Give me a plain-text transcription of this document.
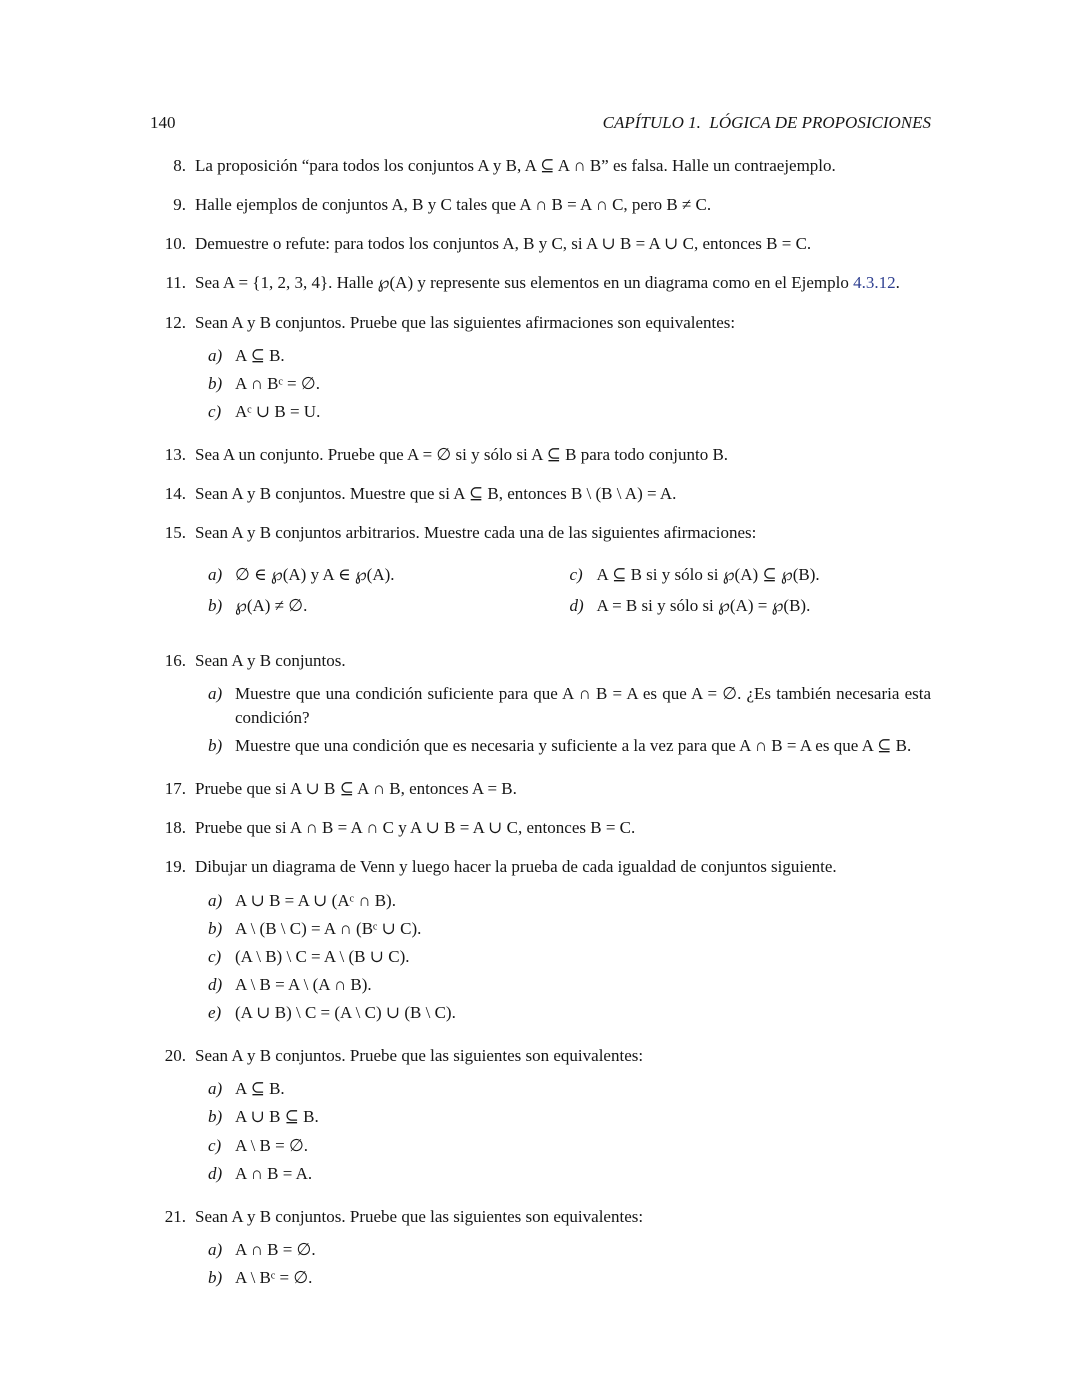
140	CAPÍTULO 1.  LÓGICA DE PROPOSICIONES
8. La proposición “para todos los conjuntos A y B, A ⊆ A ∩ B” es falsa. Halle un contraejemplo.
9. Halle ejemplos de conjuntos A, B y C tales que A ∩ B = A ∩ C, pero B ≠ C.
10. Demuestre o refute: para todos los conjuntos A, B y C, si A ∪ B = A ∪ C, entonces B = C.
11. Sea A = {1, 2, 3, 4}. Halle ℘(A) y represente sus elementos en un diagrama como en el Ejemplo 4.3.12.
12. Sean A y B conjuntos. Pruebe que las siguientes afirmaciones son equivalentes:
a) A ⊆ B.
b) A ∩ Bᶜ = ∅.
c) Aᶜ ∪ B = U.
13. Sea A un conjunto. Pruebe que A = ∅ si y sólo si A ⊆ B para todo conjunto B.
14. Sean A y B conjuntos. Muestre que si A ⊆ B, entonces B \ (B \ A) = A.
15. Sean A y B conjuntos arbitrarios. Muestre cada una de las siguientes afirmaciones:
a) ∅ ∈ ℘(A) y A ∈ ℘(A).
b) ℘(A) ≠ ∅.
c) A ⊆ B si y sólo si ℘(A) ⊆ ℘(B).
d) A = B si y sólo si ℘(A) = ℘(B).
16. Sean A y B conjuntos.
a) Muestre que una condición suficiente para que A ∩ B = A es que A = ∅. ¿Es también necesaria esta condición?
b) Muestre que una condición que es necesaria y suficiente a la vez para que A ∩ B = A es que A ⊆ B.
17. Pruebe que si A ∪ B ⊆ A ∩ B, entonces A = B.
18. Pruebe que si A ∩ B = A ∩ C y A ∪ B = A ∪ C, entonces B = C.
19. Dibujar un diagrama de Venn y luego hacer la prueba de cada igualdad de conjuntos siguiente.
a) A ∪ B = A ∪ (Aᶜ ∩ B).
b) A \ (B \ C) = A ∩ (Bᶜ ∪ C).
c) (A \ B) \ C = A \ (B ∪ C).
d) A \ B = A \ (A ∩ B).
e) (A ∪ B) \ C = (A \ C) ∪ (B \ C).
20. Sean A y B conjuntos. Pruebe que las siguientes son equivalentes:
a) A ⊆ B.
b) A ∪ B ⊆ B.
c) A \ B = ∅.
d) A ∩ B = A.
21. Sean A y B conjuntos. Pruebe que las siguientes son equivalentes:
a) A ∩ B = ∅.
b) A \ Bᶜ = ∅.
